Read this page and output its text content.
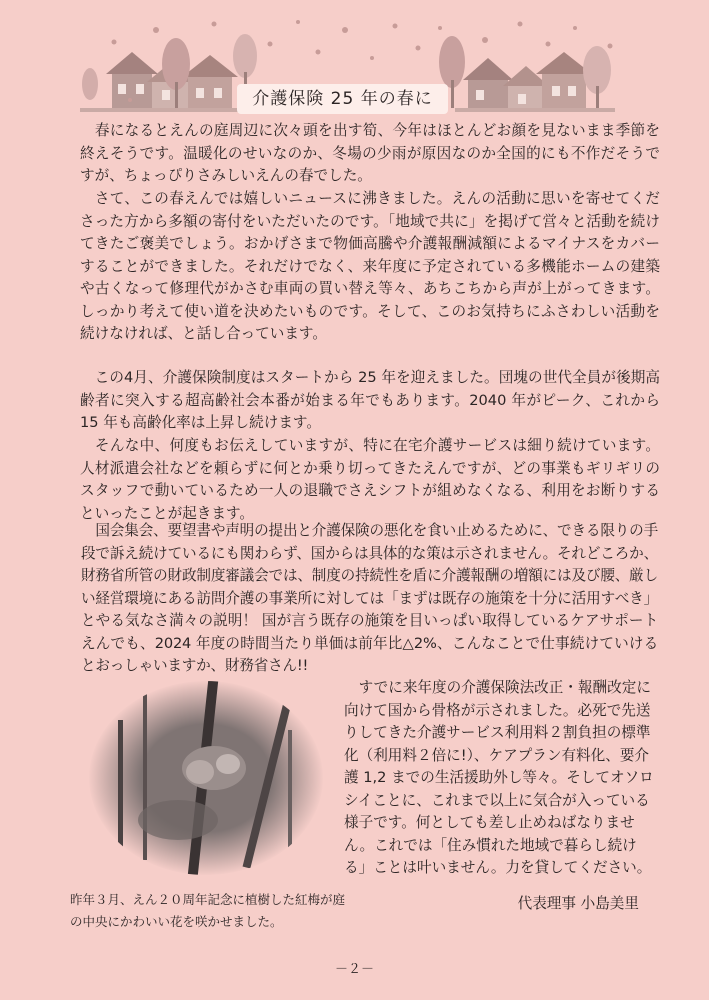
介護保険 25 年の春に

　春になるとえんの庭周辺に次々頭を出す筍、今年はほとんどお顔を見ないまま季節を終えそうです。温暖化のせいなのか、冬場の少雨が原因なのか全国的にも不作だそうですが、ちょっぴりさみしいえんの春でした。

　さて、この春えんでは嬉しいニュースに沸きました。えんの活動に思いを寄せてくださった方から多額の寄付をいただいたのです。「地域で共に」を掲げて営々と活動を続けてきたご褒美でしょう。おかげさまで物価高騰や介護報酬減額によるマイナスをカバーすることができました。それだけでなく、来年度に予定されている多機能ホームの建築や古くなって修理代がかさむ車両の買い替え等々、あちこちから声が上がってきます。しっかり考えて使い道を決めたいものです。そして、このお気持ちにふさわしい活動を続けなければ、と話し合っています。

　この4月、介護保険制度はスタートから 25 年を迎えました。団塊の世代全員が後期高齢者に突入する超高齢社会本番が始まる年でもあります。2040 年がピーク、これから 15 年も高齢化率は上昇し続けます。

　そんな中、何度もお伝えしていますが、特に在宅介護サービスは細り続けています。人材派遣会社などを頼らずに何とか乗り切ってきたえんですが、どの事業もギリギリのスタッフで動いているため一人の退職でさえシフトが組めなくなる、利用をお断りするといったことが起きます。

　国会集会、要望書や声明の提出と介護保険の悪化を食い止めるために、できる限りの手段で訴え続けているにも関わらず、国からは具体的な策は示されません。それどころか、財務省所管の財政制度審議会では、制度の持続性を盾に介護報酬の増額には及び腰、厳しい経営環境にある訪問介護の事業所に対しては「まずは既存の施策を十分に活用すべき」とやる気なさ満々の説明！ 国が言う既存の施策を目いっぱい取得しているケアサポートえんでも、2024 年度の時間当たり単価は前年比△2%、こんなことで仕事続けていけるとおっしゃいますか、財務省さん!!

　すでに来年度の介護保険法改正・報酬改定に向けて国から骨格が示されました。必死で先送りしてきた介護サービス利用料２割負担の標準化（利用料２倍に!）、ケアプラン有料化、要介護 1,2 までの生活援助外し等々。そしてオソロシイことに、これまで以上に気合が入っている様子です。何としても差し止めねばなりません。これでは「住み慣れた地域で暮らし続ける」ことは叶いません。力を貸してください。

昨年３月、えん２０周年記念に植樹した紅梅が庭の中央にかわいい花を咲かせました。

代表理事 小島美里
－２－
